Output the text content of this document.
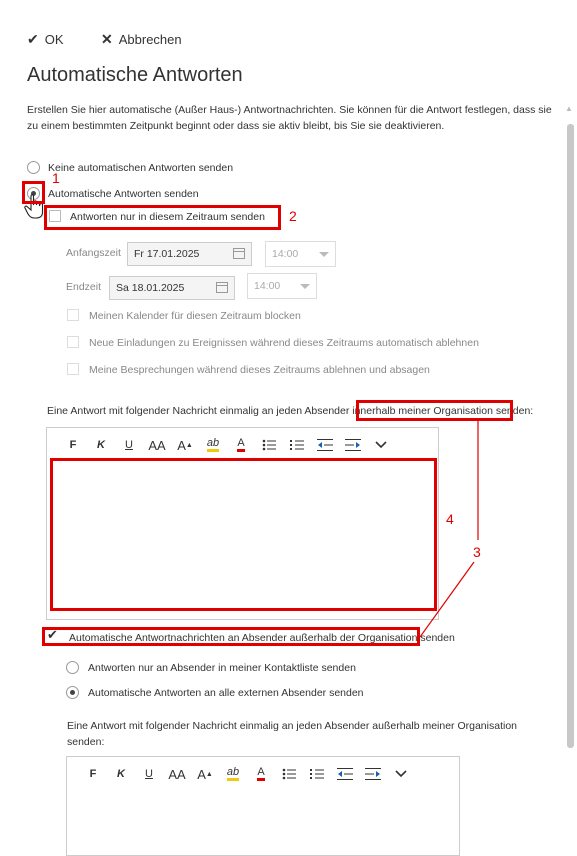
✔ OK	✕ Abbrechen
Automatische Antworten
Erstellen Sie hier automatische (Außer Haus-) Antwortnachrichten. Sie können für die Antwort festlegen, dass sie zu einem bestimmten Zeitpunkt beginnt oder dass sie aktiv bleibt, bis Sie sie deaktivieren.
▲
Keine automatischen Antworten senden
Automatische Antworten senden
Antworten nur in diesem Zeitraum senden
Anfangszeit Fr 17.01.2025	14:00
Endzeit Sa 18.01.2025	14:00
Meinen Kalender für diesen Zeitraum blocken
Neue Einladungen zu Ereignissen während dieses Zeitraums automatisch ablehnen
Meine Besprechungen während dieses Zeitraums ablehnen und absagen
Eine Antwort mit folgender Nachricht einmalig an jeden Absender innerhalb meiner Organisation senden:
F K U AA A ▲ ab A
✔
Automatische Antwortnachrichten an Absender außerhalb der Organisation senden
Antworten nur an Absender in meiner Kontaktliste senden
Automatische Antworten an alle externen Absender senden
Eine Antwort mit folgender Nachricht einmalig an jeden Absender außerhalb meiner Organisation senden:
F K U AA A ▲ ab A
1
2
4
3
